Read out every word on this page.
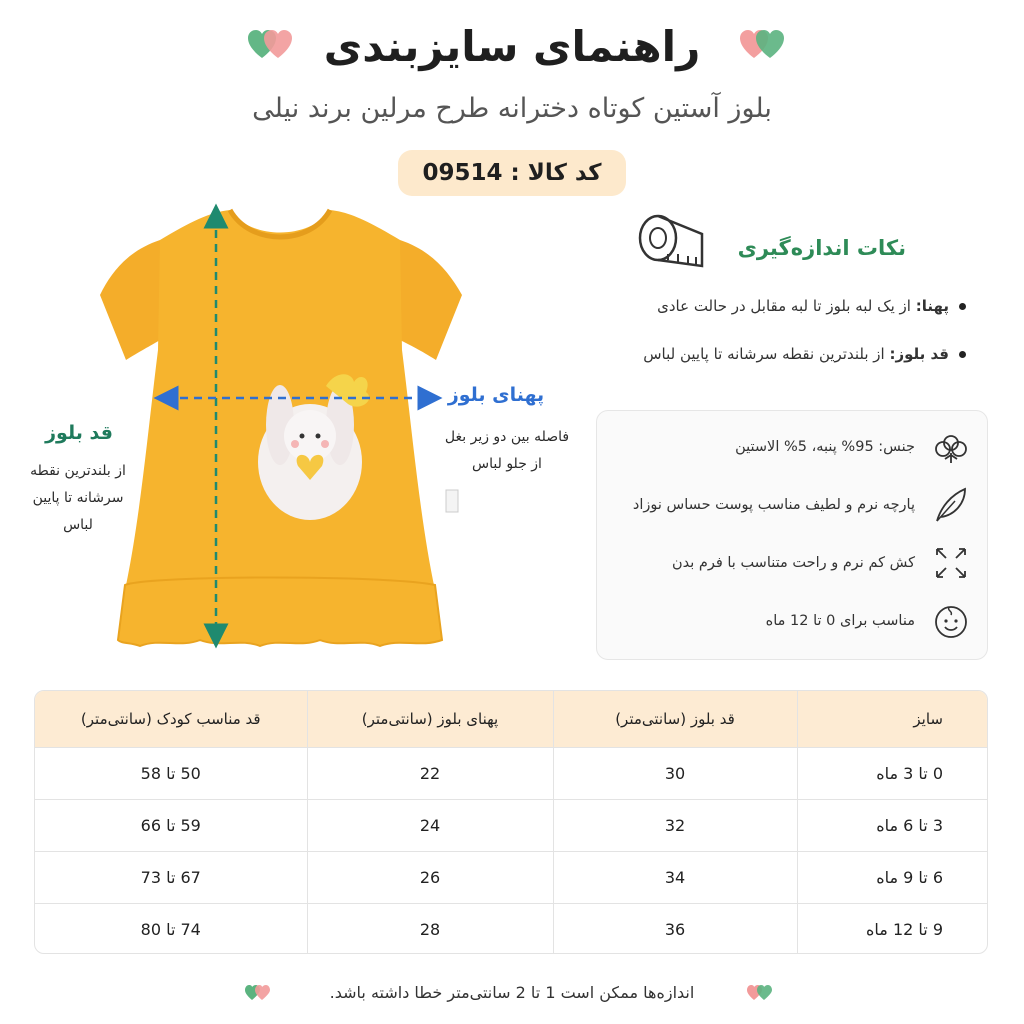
راهنمای سایزبندی
بلوز آستین کوتاه دخترانه طرح مرلین برند نیلی
کد کالا : 09514
قد بلوز
از بلندترین نقطه
سرشانه تا پایین
لباس
پهنای بلوز
فاصله بین دو زیر بغل
از جلو لباس
نکات اندازه‌گیری
پهنا: از یک لبه بلوز تا لبه مقابل در حالت عادی
قد بلوز: از بلندترین نقطه سرشانه تا پایین لباس
جنس: 95% پنبه، 5% الاستین
پارچه نرم و لطیف مناسب پوست حساس نوزاد
کش کم نرم و راحت متناسب با فرم بدن
مناسب برای 0 تا 12 ماه
سایز	قد بلوز (سانتی‌متر)	پهنای بلوز (سانتی‌متر)	قد مناسب کودک (سانتی‌متر)
0 تا 3 ماه	30	22	50 تا 58
3 تا 6 ماه	32	24	59 تا 66
6 تا 9 ماه	34	26	67 تا 73
9 تا 12 ماه	36	28	74 تا 80
اندازه‌ها ممکن است 1 تا 2 سانتی‌متر خطا داشته باشد.
